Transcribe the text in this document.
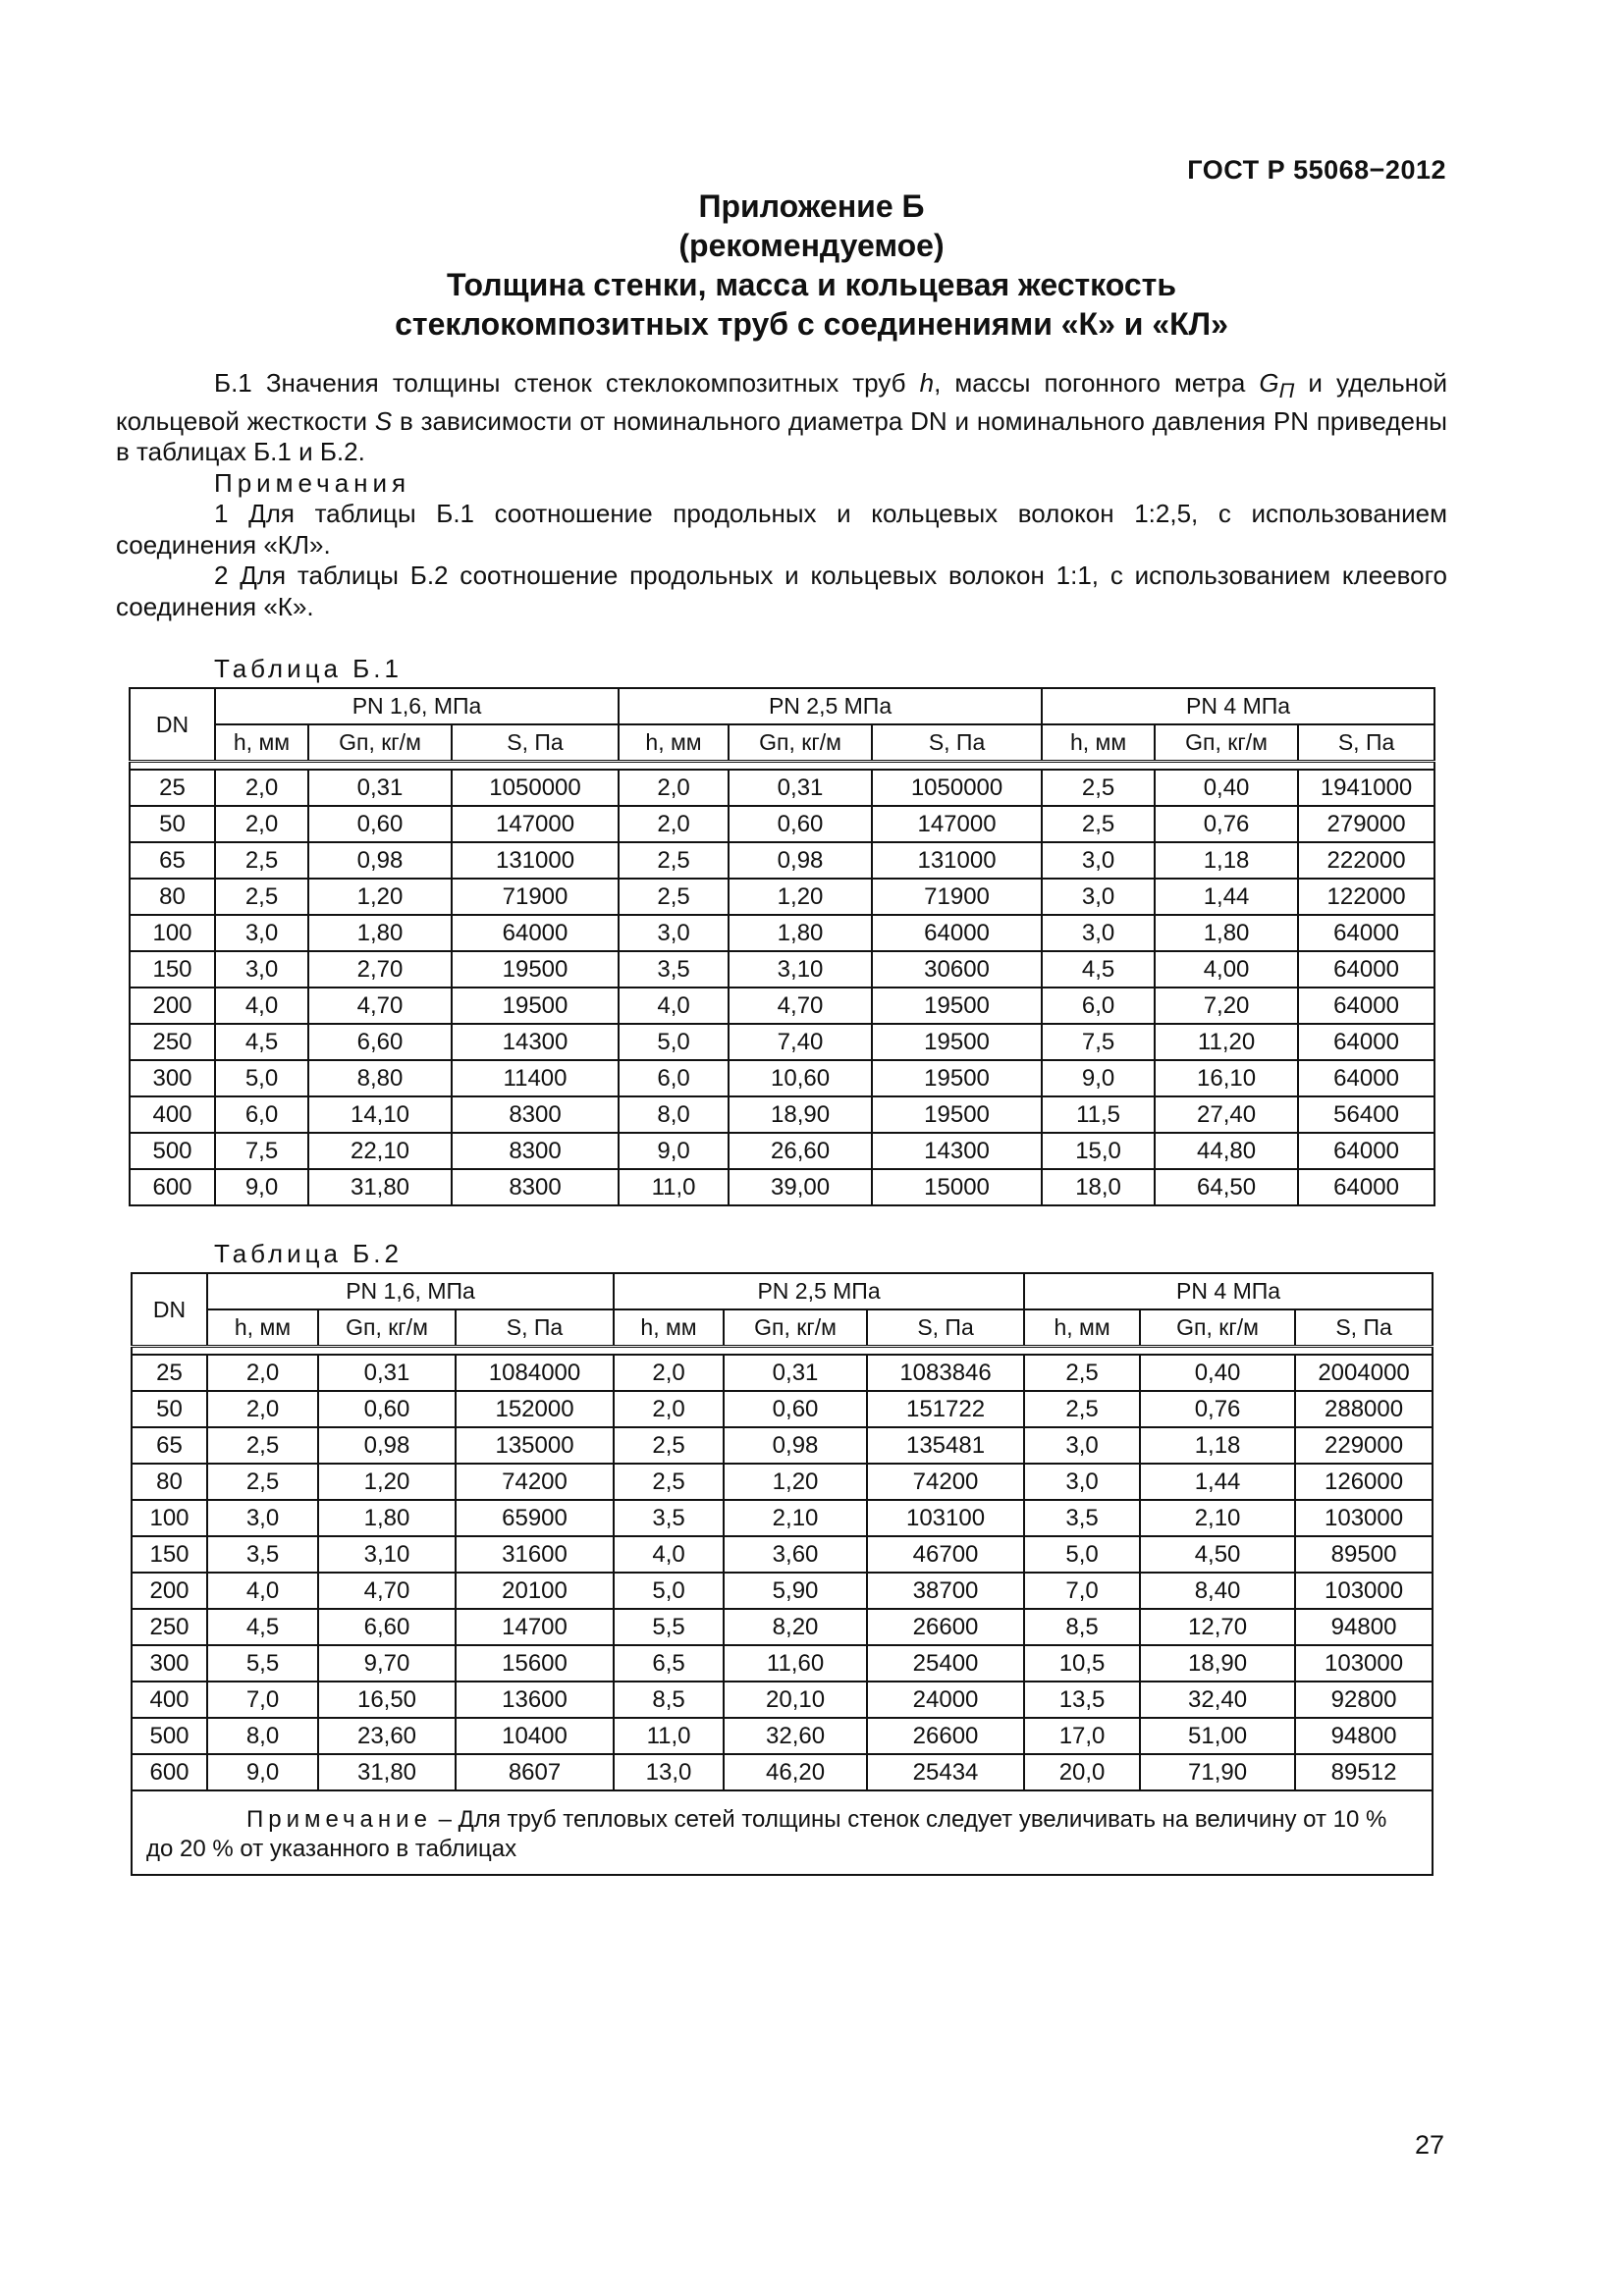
ГОСТ Р 55068−2012
Приложение Б
(рекомендуемое)
Толщина стенки, масса и кольцевая жесткость
стеклокомпозитных труб с соединениями «К» и «КЛ»

Б.1 Значения толщины стенок стеклокомпозитных труб h, массы погонного метра $G_П$ и удельной кольцевой жесткости S в зависимости от номинального диаметра DN и номинального давления PN приведены в таблицах Б.1 и Б.2.

Примечания

1 Для таблицы Б.1 соотношение продольных и кольцевых волокон 1:2,5, с использованием соединения «КЛ».

2 Для таблицы Б.2 соотношение продольных и кольцевых волокон 1:1, с использованием клеевого соединения «К».

Таблица Б.1
DN	PN 1,6, МПа			PN 2,5 МПа			PN 4 МПа		
	h, мм	Gп, кг/м	S, Па	h, мм	Gп, кг/м	S, Па	h, мм	Gп, кг/м	S, Па

25	2,0	0,31	1050000	2,0	0,31	1050000	2,5	0,40	1941000
50	2,0	0,60	147000	2,0	0,60	147000	2,5	0,76	279000
65	2,5	0,98	131000	2,5	0,98	131000	3,0	1,18	222000
80	2,5	1,20	71900	2,5	1,20	71900	3,0	1,44	122000
100	3,0	1,80	64000	3,0	1,80	64000	3,0	1,80	64000
150	3,0	2,70	19500	3,5	3,10	30600	4,5	4,00	64000
200	4,0	4,70	19500	4,0	4,70	19500	6,0	7,20	64000
250	4,5	6,60	14300	5,0	7,40	19500	7,5	11,20	64000
300	5,0	8,80	11400	6,0	10,60	19500	9,0	16,10	64000
400	6,0	14,10	8300	8,0	18,90	19500	11,5	27,40	56400
500	7,5	22,10	8300	9,0	26,60	14300	15,0	44,80	64000
600	9,0	31,80	8300	11,0	39,00	15000	18,0	64,50	64000
Таблица Б.2
DN	PN 1,6, МПа			PN 2,5 МПа			PN 4 МПа		
	h, мм	Gп, кг/м	S, Па	h, мм	Gп, кг/м	S, Па	h, мм	Gп, кг/м	S, Па

25	2,0	0,31	1084000	2,0	0,31	1083846	2,5	0,40	2004000
50	2,0	0,60	152000	2,0	0,60	151722	2,5	0,76	288000
65	2,5	0,98	135000	2,5	0,98	135481	3,0	1,18	229000
80	2,5	1,20	74200	2,5	1,20	74200	3,0	1,44	126000
100	3,0	1,80	65900	3,5	2,10	103100	3,5	2,10	103000
150	3,5	3,10	31600	4,0	3,60	46700	5,0	4,50	89500
200	4,0	4,70	20100	5,0	5,90	38700	7,0	8,40	103000
250	4,5	6,60	14700	5,5	8,20	26600	8,5	12,70	94800
300	5,5	9,70	15600	6,5	11,60	25400	10,5	18,90	103000
400	7,0	16,50	13600	8,5	20,10	24000	13,5	32,40	92800
500	8,0	23,60	10400	11,0	32,60	26600	17,0	51,00	94800
600	9,0	31,80	8607	13,0	46,20	25434	20,0	71,90	89512
Примечание – Для труб тепловых сетей толщины стенок следует увеличивать на величину от 10 % до 20 % от указанного в таблицах									
27
